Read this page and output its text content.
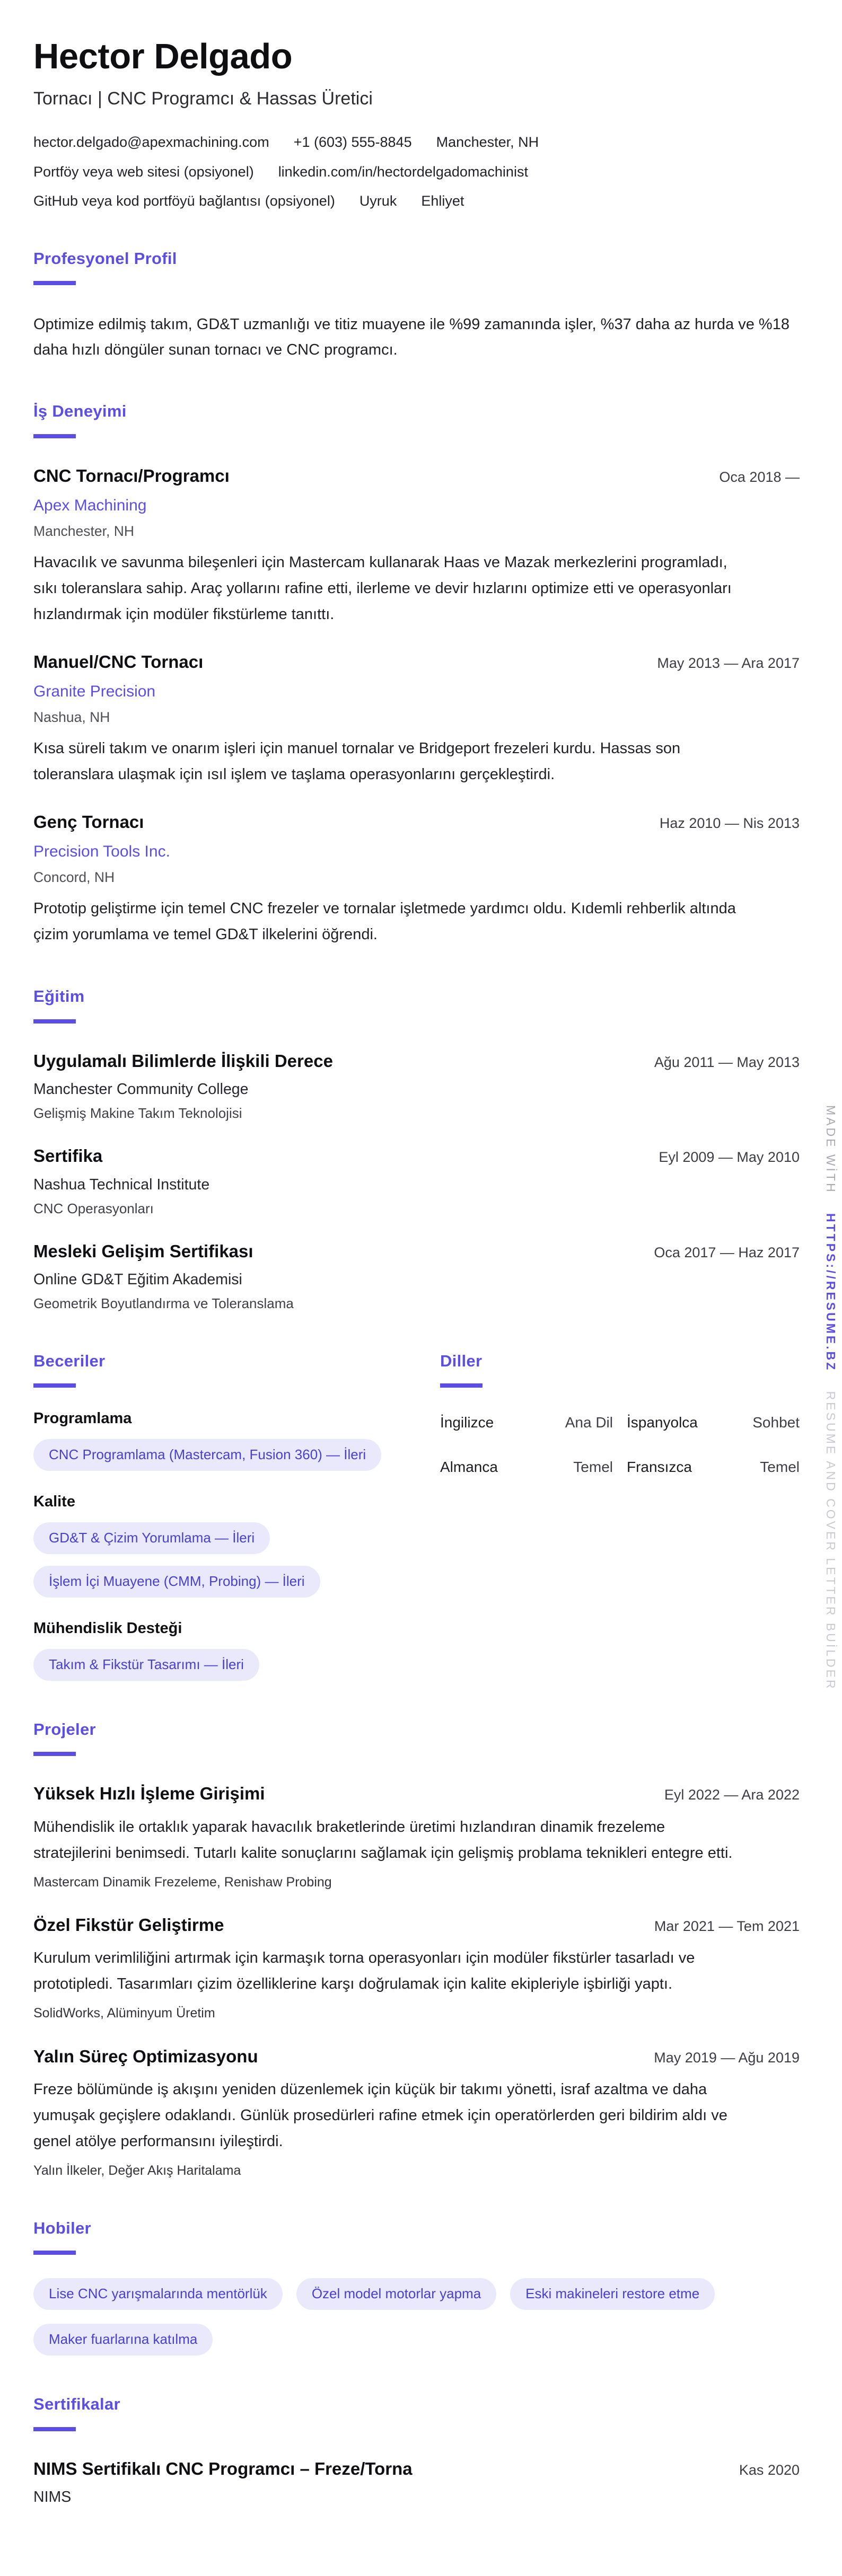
Hector Delgado
Tornacı | CNC Programcı & Hassas Üretici
hector.delgado@apexmachining.com +1 (603) 555-8845 Manchester, NH
Portföy veya web sitesi (opsiyonel) linkedin.com/in/hectordelgadomachinist
GitHub veya kod portföyü bağlantısı (opsiyonel) Uyruk Ehliyet
Profesyonel Profil
Optimize edilmiş takım, GD&T uzmanlığı ve titiz muayene ile %99 zamanında işler, %37 daha az hurda ve %18 daha hızlı döngüler sunan tornacı ve CNC programcı.
İş Deneyimi
CNC Tornacı/Programcı	Oca 2018 —
Apex Machining
Manchester, NH
Havacılık ve savunma bileşenleri için Mastercam kullanarak Haas ve Mazak merkezlerini programladı, sıkı toleranslara sahip. Araç yollarını rafine etti, ilerleme ve devir hızlarını optimize etti ve operasyonları hızlandırmak için modüler fikstürleme tanıttı.
Manuel/CNC Tornacı	May 2013 — Ara 2017
Granite Precision
Nashua, NH
Kısa süreli takım ve onarım işleri için manuel tornalar ve Bridgeport frezeleri kurdu. Hassas son toleranslara ulaşmak için ısıl işlem ve taşlama operasyonlarını gerçekleştirdi.
Genç Tornacı	Haz 2010 — Nis 2013
Precision Tools Inc.
Concord, NH
Prototip geliştirme için temel CNC frezeler ve tornalar işletmede yardımcı oldu. Kıdemli rehberlik altında çizim yorumlama ve temel GD&T ilkelerini öğrendi.
Eğitim
Uygulamalı Bilimlerde İlişkili Derece	Ağu 2011 — May 2013
Manchester Community College
Gelişmiş Makine Takım Teknolojisi
Sertifika	Eyl 2009 — May 2010
Nashua Technical Institute
CNC Operasyonları
Mesleki Gelişim Sertifikası	Oca 2017 — Haz 2017
Online GD&T Eğitim Akademisi
Geometrik Boyutlandırma ve Toleranslama
Beceriler
Programlama
CNC Programlama (Mastercam, Fusion 360) — İleri
Kalite
GD&T & Çizim Yorumlama — İleri
İşlem İçi Muayene (CMM, Probing) — İleri
Mühendislik Desteği
Takım & Fikstür Tasarımı — İleri
Diller
İngilizce	Ana Dil İspanyolca	Sohbet
Almanca	Temel Fransızca	Temel
Projeler
Yüksek Hızlı İşleme Girişimi	Eyl 2022 — Ara 2022
Mühendislik ile ortaklık yaparak havacılık braketlerinde üretimi hızlandıran dinamik frezeleme stratejilerini benimsedi. Tutarlı kalite sonuçlarını sağlamak için gelişmiş problama teknikleri entegre etti.
Mastercam Dinamik Frezeleme, Renishaw Probing
Özel Fikstür Geliştirme	Mar 2021 — Tem 2021
Kurulum verimliliğini artırmak için karmaşık torna operasyonları için modüler fikstürler tasarladı ve prototipledi. Tasarımları çizim özelliklerine karşı doğrulamak için kalite ekipleriyle işbirliği yaptı.
SolidWorks, Alüminyum Üretim
Yalın Süreç Optimizasyonu	May 2019 — Ağu 2019
Freze bölümünde iş akışını yeniden düzenlemek için küçük bir takımı yönetti, israf azaltma ve daha yumuşak geçişlere odaklandı. Günlük prosedürleri rafine etmek için operatörlerden geri bildirim aldı ve genel atölye performansını iyileştirdi.
Yalın İlkeler, Değer Akış Haritalama
Hobiler
Lise CNC yarışmalarında mentörlük	Özel model motorlar yapma	Eski makineleri restore etme
Maker fuarlarına katılma
Sertifikalar
NIMS Sertifikalı CNC Programcı – Freze/Torna	Kas 2020
NIMS
MADE WİTH HTTPS://RESUME.BZ RESUME AND COVER LETTER BUİLDER
